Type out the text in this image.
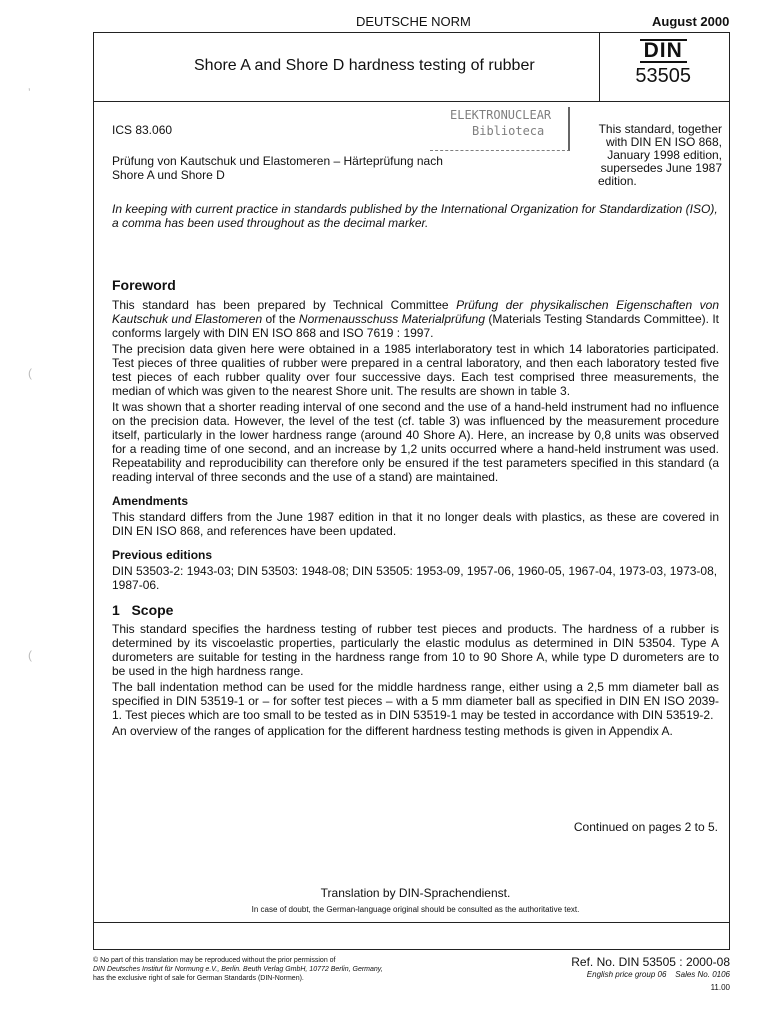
DEUTSCHE NORM	August 2000
Shore A and Shore D hardness testing of rubber
DIN
53505
ICS 83.060
Prüfung von Kautschuk und Elastomeren – Härteprüfung nach
Shore A und Shore D
ELEKTRONUCLEAR
Biblioteca	This standard, together
with DIN EN ISO 868,
January 1998 edition,
supersedes June 1987
edition.
In keeping with current practice in standards published by the International Organization for Standardization (ISO), a comma has been used throughout as the decimal marker.
Foreword

This standard has been prepared by Technical Committee Prüfung der physikalischen Eigenschaften von Kautschuk und Elastomeren of the Normenausschuss Materialprüfung (Materials Testing Standards Committee). It conforms largely with DIN EN ISO 868 and ISO 7619 : 1997.

The precision data given here were obtained in a 1985 interlaboratory test in which 14 laboratories participated. Test pieces of three qualities of rubber were prepared in a central laboratory, and then each laboratory tested five test pieces of each rubber quality over four successive days. Each test comprised three measurements, the median of which was given to the nearest Shore unit. The results are shown in table 3.

It was shown that a shorter reading interval of one second and the use of a hand-held instrument had no influence on the precision data. However, the level of the test (cf. table 3) was influenced by the measurement procedure itself, particularly in the lower hardness range (around 40 Shore A). Here, an increase by 0,8 units was observed for a reading time of one second, and an increase by 1,2 units occurred where a hand-held instrument was used. Repeatability and reproducibility can therefore only be ensured if the test parameters specified in this standard (a reading interval of three seconds and the use of a stand) are maintained.

Amendments

This standard differs from the June 1987 edition in that it no longer deals with plastics, as these are covered in DIN EN ISO 868, and references have been updated.

Previous editions

DIN 53503-2: 1943-03; DIN 53503: 1948-08; DIN 53505: 1953-09, 1957-06, 1960-05, 1967-04, 1973-03, 1973-08, 1987-06.

1   Scope

This standard specifies the hardness testing of rubber test pieces and products. The hardness of a rubber is determined by its viscoelastic properties, particularly the elastic modulus as determined in DIN 53504. Type A durometers are suitable for testing in the hardness range from 10 to 90 Shore A, while type D durometers are to be used in the high hardness range.

The ball indentation method can be used for the middle hardness range, either using a 2,5 mm diameter ball as specified in DIN 53519-1 or – for softer test pieces – with a 5 mm diameter ball as specified in DIN EN ISO 2039-1. Test pieces which are too small to be tested as in DIN 53519-1 may be tested in accordance with DIN 53519-2.

An overview of the ranges of application for the different hardness testing methods is given in Appendix A.

Continued on pages 2 to 5.
Translation by DIN-Sprachendienst.
In case of doubt, the German-language original should be consulted as the authoritative text.
© No part of this translation may be reproduced without the prior permission of
DIN Deutsches Institut für Normung e.V., Berlin. Beuth Verlag GmbH, 10772 Berlin, Germany,
has the exclusive right of sale for German Standards (DIN-Normen).
Ref. No. DIN 53505 : 2000-08
English price group 06    Sales No. 0106
11.00
ʼ
(
(
